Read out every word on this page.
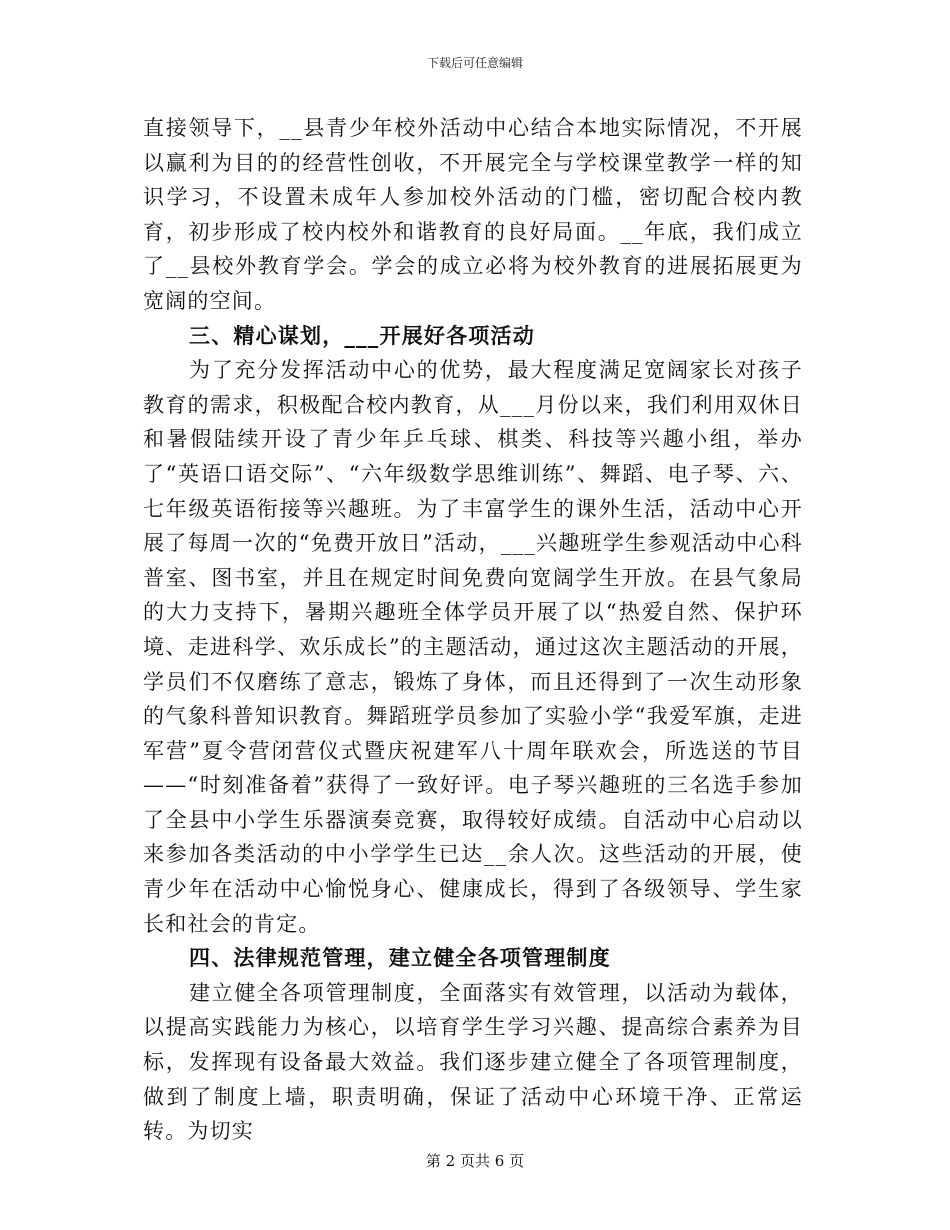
下载后可任意编辑

直接领导下，__县青少年校外活动中心结合本地实际情况，不开展以赢利为目的的经营性创收，不开展完全与学校课堂教学一样的知识学习，不设置未成年人参加校外活动的门槛，密切配合校内教育，初步形成了校内校外和谐教育的良好局面。__年底，我们成立了__县校外教育学会。学会的成立必将为校外教育的进展拓展更为宽阔的空间。

三、精心谋划，___开展好各项活动

为了充分发挥活动中心的优势，最大程度满足宽阔家长对孩子教育的需求，积极配合校内教育，从___月份以来，我们利用双休日和暑假陆续开设了青少年乒乓球、棋类、科技等兴趣小组，举办了“英语口语交际”、“六年级数学思维训练”、舞蹈、电子琴、六、七年级英语衔接等兴趣班。为了丰富学生的课外生活，活动中心开展了每周一次的“免费开放日”活动，___兴趣班学生参观活动中心科普室、图书室，并且在规定时间免费向宽阔学生开放。在县气象局的大力支持下，暑期兴趣班全体学员开展了以“热爱自然、保护环境、走进科学、欢乐成长”的主题活动，通过这次主题活动的开展，学员们不仅磨练了意志，锻炼了身体，而且还得到了一次生动形象的气象科普知识教育。舞蹈班学员参加了实验小学“我爱军旗，走进军营”夏令营闭营仪式暨庆祝建军八十周年联欢会，所选送的节目——“时刻准备着”获得了一致好评。电子琴兴趣班的三名选手参加了全县中小学生乐器演奏竞赛，取得较好成绩。自活动中心启动以来参加各类活动的中小学学生已达__余人次。这些活动的开展，使青少年在活动中心愉悦身心、健康成长，得到了各级领导、学生家长和社会的肯定。

四、法律规范管理，建立健全各项管理制度

建立健全各项管理制度，全面落实有效管理，以活动为载体，以提高实践能力为核心，以培育学生学习兴趣、提高综合素养为目标，发挥现有设备最大效益。我们逐步建立健全了各项管理制度，做到了制度上墙，职责明确，保证了活动中心环境干净、正常运转。为切实

第 2 页共 6 页
